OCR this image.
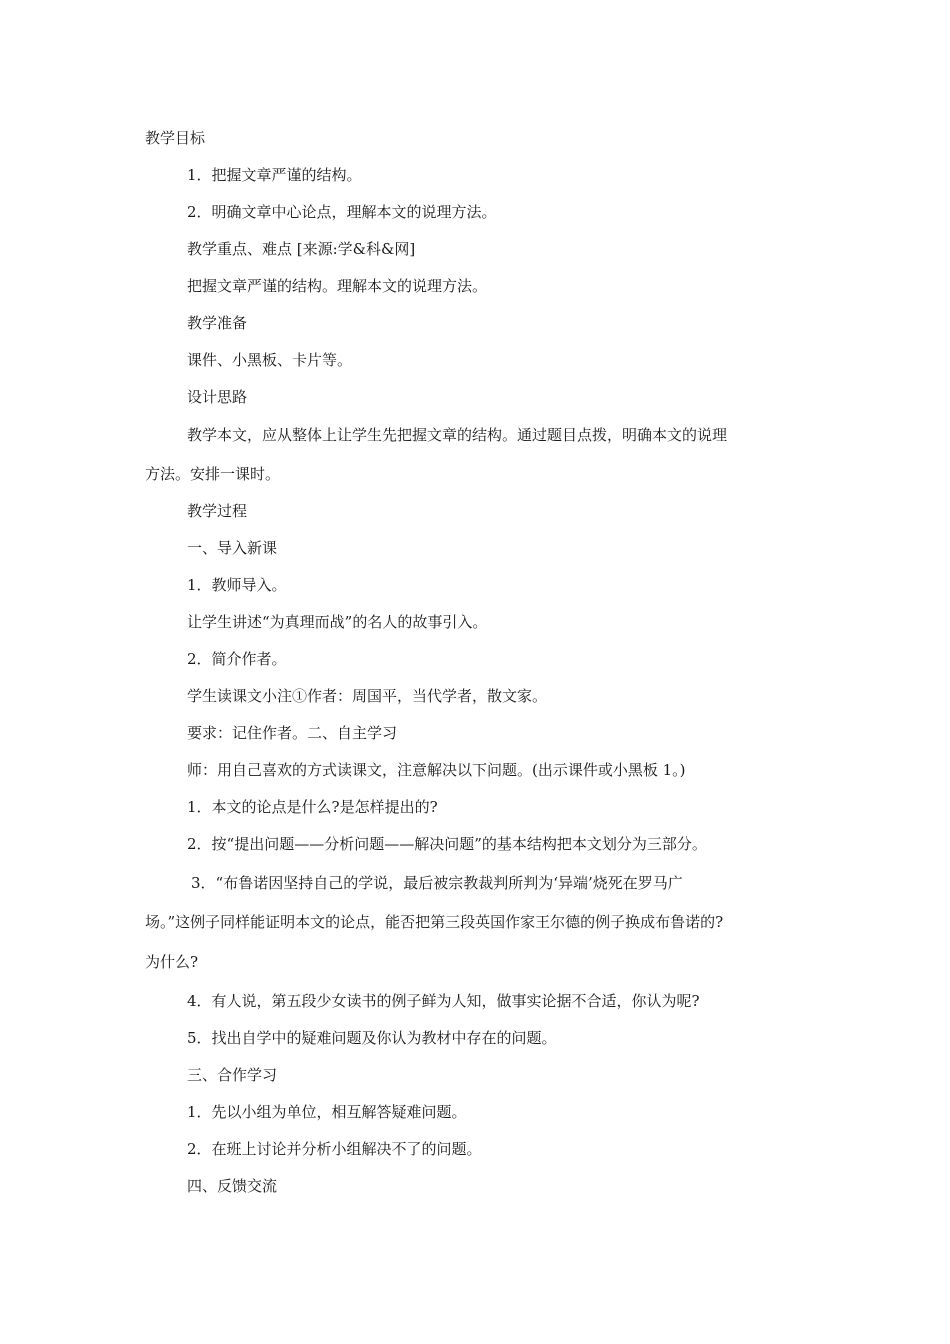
教学目标
1．把握文章严谨的结构。
2．明确文章中心论点，理解本文的说理方法。
教学重点、难点 [来源:学&科&网]
把握文章严谨的结构。理解本文的说理方法。
教学准备
课件、小黑板、卡片等。
设计思路
教学本文，应从整体上让学生先把握文章的结构。通过题目点拨，明确本文的说理
方法。安排一课时。
教学过程
一、导入新课
1．教师导入。
让学生讲述“为真理而战”的名人的故事引入。
2．简介作者。
学生读课文小注①作者：周国平，当代学者，散文家。
要求：记住作者。二、自主学习
师：用自己喜欢的方式读课文，注意解决以下问题。(出示课件或小黑板 1。)
1．本文的论点是什么?是怎样提出的?
2．按“提出问题——分析问题——解决问题”的基本结构把本文划分为三部分。
3．“布鲁诺因坚持自己的学说，最后被宗教裁判所判为‘异端’烧死在罗马广
场。”这例子同样能证明本文的论点，能否把第三段英国作家王尔德的例子换成布鲁诺的?
为什么?
4．有人说，第五段少女读书的例子鲜为人知，做事实论据不合适，你认为呢?
5．找出自学中的疑难问题及你认为教材中存在的问题。
三、合作学习
1．先以小组为单位，相互解答疑难问题。
2．在班上讨论并分析小组解决不了的问题。
四、反馈交流
